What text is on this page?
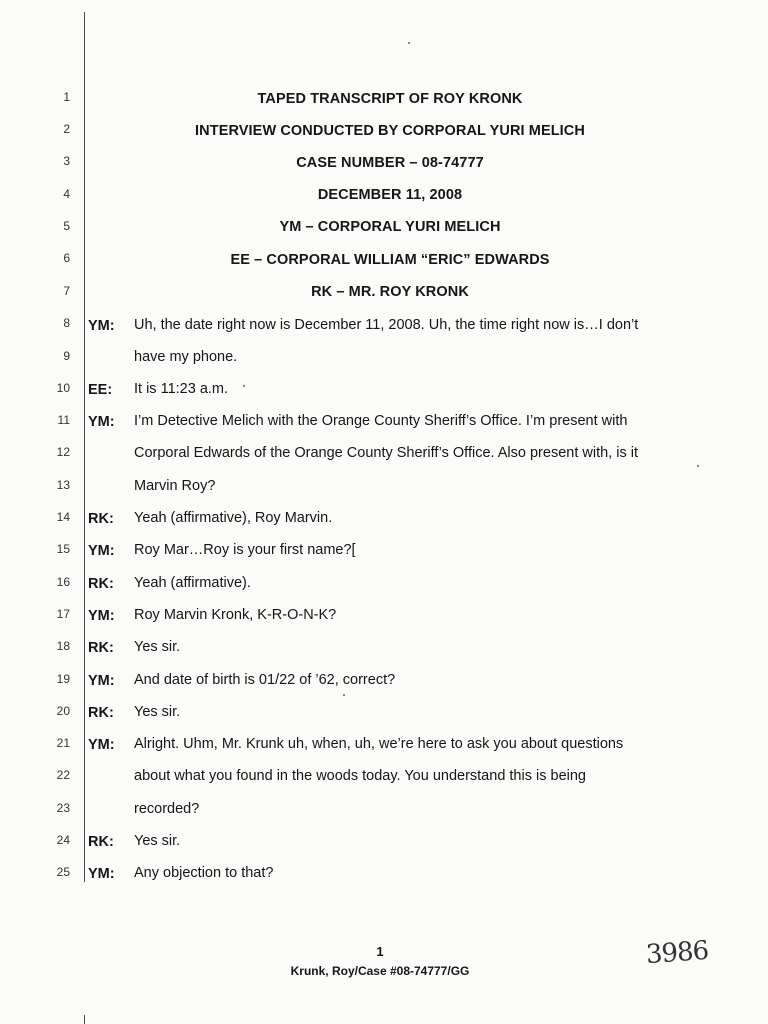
1	TAPED TRANSCRIPT OF ROY KRONK
2	INTERVIEW CONDUCTED BY CORPORAL YURI MELICH
3	CASE NUMBER – 08-74777
4	DECEMBER 11, 2008
5	YM – CORPORAL YURI MELICH
6	EE – CORPORAL WILLIAM “ERIC” EDWARDS
7	RK – MR. ROY KRONK
8 YM: Uh, the date right now is December 11, 2008. Uh, the time right now is…I don’t
9	have my phone.
10 EE: It is 11:23 a.m.
11 YM: I’m Detective Melich with the Orange County Sheriff’s Office. I’m present with
12	Corporal Edwards of the Orange County Sheriff’s Office. Also present with, is it
13	Marvin Roy?
14 RK: Yeah (affirmative), Roy Marvin.
15 YM: Roy Mar…Roy is your first name?[
16 RK: Yeah (affirmative).
17 YM: Roy Marvin Kronk, K-R-O-N-K?
18 RK: Yes sir.
19 YM: And date of birth is 01/22 of ’62, correct?
20 RK: Yes sir.
21 YM: Alright. Uhm, Mr. Krunk uh, when, uh, we’re here to ask you about questions
22	about what you found in the woods today. You understand this is being
23	recorded?
24 RK: Yes sir.
25 YM: Any objection to that?
1
Krunk, Roy/Case #08-74777/GG
3986
